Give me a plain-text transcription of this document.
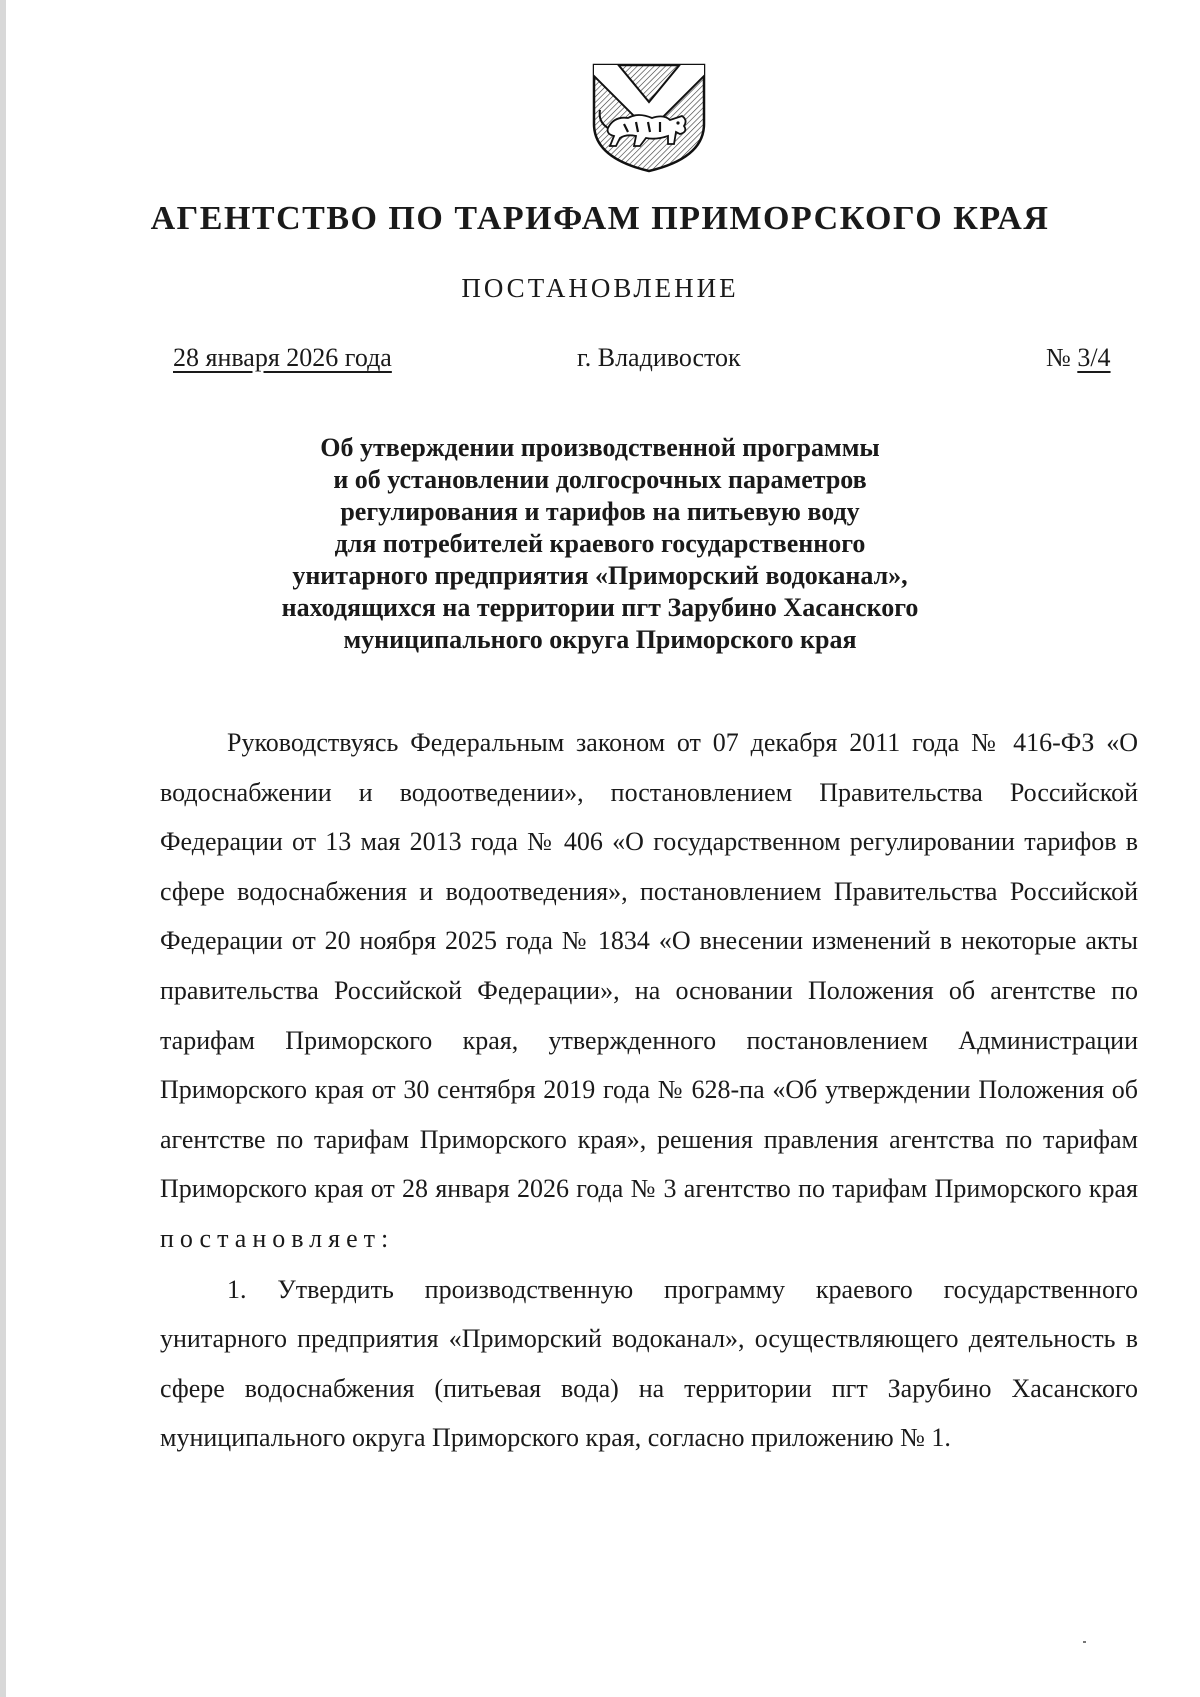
АГЕНТСТВО ПО ТАРИФАМ ПРИМОРСКОГО КРАЯ
ПОСТАНОВЛЕНИЕ
28 января 2026 года	г. Владивосток	№ 3/4
Об утверждении производственной программы
и об установлении долгосрочных параметров
регулирования и тарифов на питьевую воду
для потребителей краевого государственного
унитарного предприятия «Приморский водоканал»,
находящихся на территории пгт Зарубино Хасанского
муниципального округа Приморского края

Руководствуясь Федеральным законом от 07 декабря 2011 года № 416-ФЗ «О водоснабжении и водоотведении», постановлением Правительства Российской Федерации от 13 мая 2013 года № 406 «О государственном регулировании тарифов в сфере водоснабжения и водоотведения», постановлением Правительства Российской Федерации от 20 ноября 2025 года № 1834 «О внесении изменений в некоторые акты правительства Российской Федерации», на основании Положения об агентстве по тарифам Приморского края, утвержденного постановлением Администрации Приморского края от 30 сентября 2019 года № 628-па «Об утверждении Положения об агентстве по тарифам Приморского края», решения правления агентства по тарифам Приморского края от 28 января 2026 года № 3 агентство по тарифам Приморского края постановляет:

1. Утвердить производственную программу краевого государственного унитарного предприятия «Приморский водоканал», осуществляющего деятельность в сфере водоснабжения (питьевая вода) на территории пгт Зарубино Хасанского муниципального округа Приморского края, согласно приложению № 1.
